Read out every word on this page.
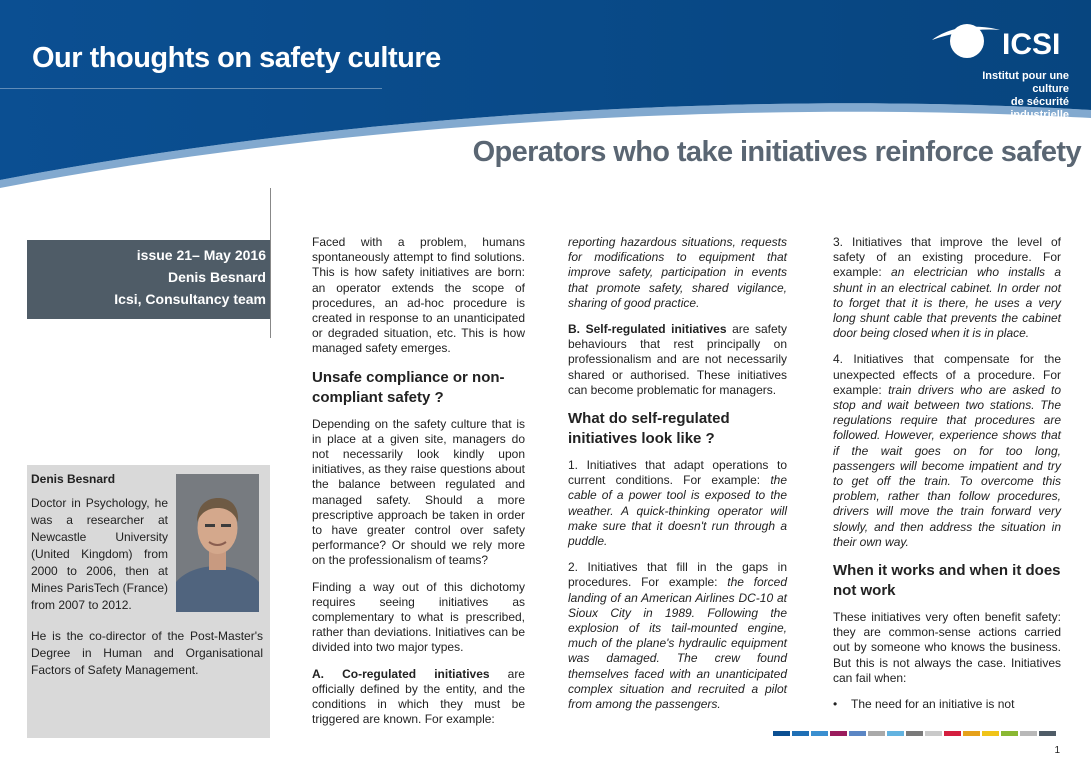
Our thoughts on safety culture	ICSI
Institut pour une culture
de sécurité industrielle
Operators who take initiatives reinforce safety
issue 21– May 2016
Denis Besnard
Icsi, Consultancy team
Denis Besnard
Doctor in Psychology, he was a researcher at Newcastle University (United Kingdom) from 2000 to 2006, then at Mines ParisTech (France) from 2007 to 2012.
He is the co-director of the Post-Master's Degree in Human and Organisational Factors of Safety Management.

Faced with a problem, humans spontaneously attempt to find solutions. This is how safety initiatives are born: an operator extends the scope of procedures, an ad-hoc procedure is created in response to an unanticipated or degraded situation, etc. This is how managed safety emerges.

Unsafe compliance or non-compliant safety ?

Depending on the safety culture that is in place at a given site, managers do not necessarily look kindly upon initiatives, as they raise questions about the balance between regulated and managed safety. Should a more prescriptive approach be taken in order to have greater control over safety performance? Or should we rely more on the professionalism of teams?

Finding a way out of this dichotomy requires seeing initiatives as complementary to what is prescribed, rather than deviations. Initiatives can be divided into two major types.

A. Co-regulated initiatives are officially defined by the entity, and the conditions in which they must be triggered are known. For example:

reporting hazardous situations, requests for modifications to equipment that improve safety, participation in events that promote safety, shared vigilance, sharing of good practice.

B. Self-regulated initiatives are safety behaviours that rest principally on professionalism and are not necessarily shared or authorised. These initiatives can become problematic for managers.

What do self-regulated initiatives look like ?

1. Initiatives that adapt operations to current conditions. For example: the cable of a power tool is exposed to the weather. A quick-thinking operator will make sure that it doesn't run through a puddle.

2. Initiatives that fill in the gaps in procedures. For example: the forced landing of an American Airlines DC-10 at Sioux City in 1989. Following the explosion of its tail-mounted engine, much of the plane's hydraulic equipment was damaged. The crew found themselves faced with an unanticipated complex situation and recruited a pilot from among the passengers.

3. Initiatives that improve the level of safety of an existing procedure. For example: an electrician who installs a shunt in an electrical cabinet. In order not to forget that it is there, he uses a very long shunt cable that prevents the cabinet door being closed when it is in place.

4. Initiatives that compensate for the unexpected effects of a procedure. For example: train drivers who are asked to stop and wait between two stations. The regulations require that procedures are followed. However, experience shows that if the wait goes on for too long, passengers will become impatient and try to get off the train. To overcome this problem, rather than follow procedures, drivers will move the train forward very slowly, and then address the situation in their own way.

When it works and when it does not work

These initiatives very often benefit safety: they are common-sense actions carried out by someone who knows the business. But this is not always the case. Initiatives can fail when:

•	The need for an initiative is not
1
